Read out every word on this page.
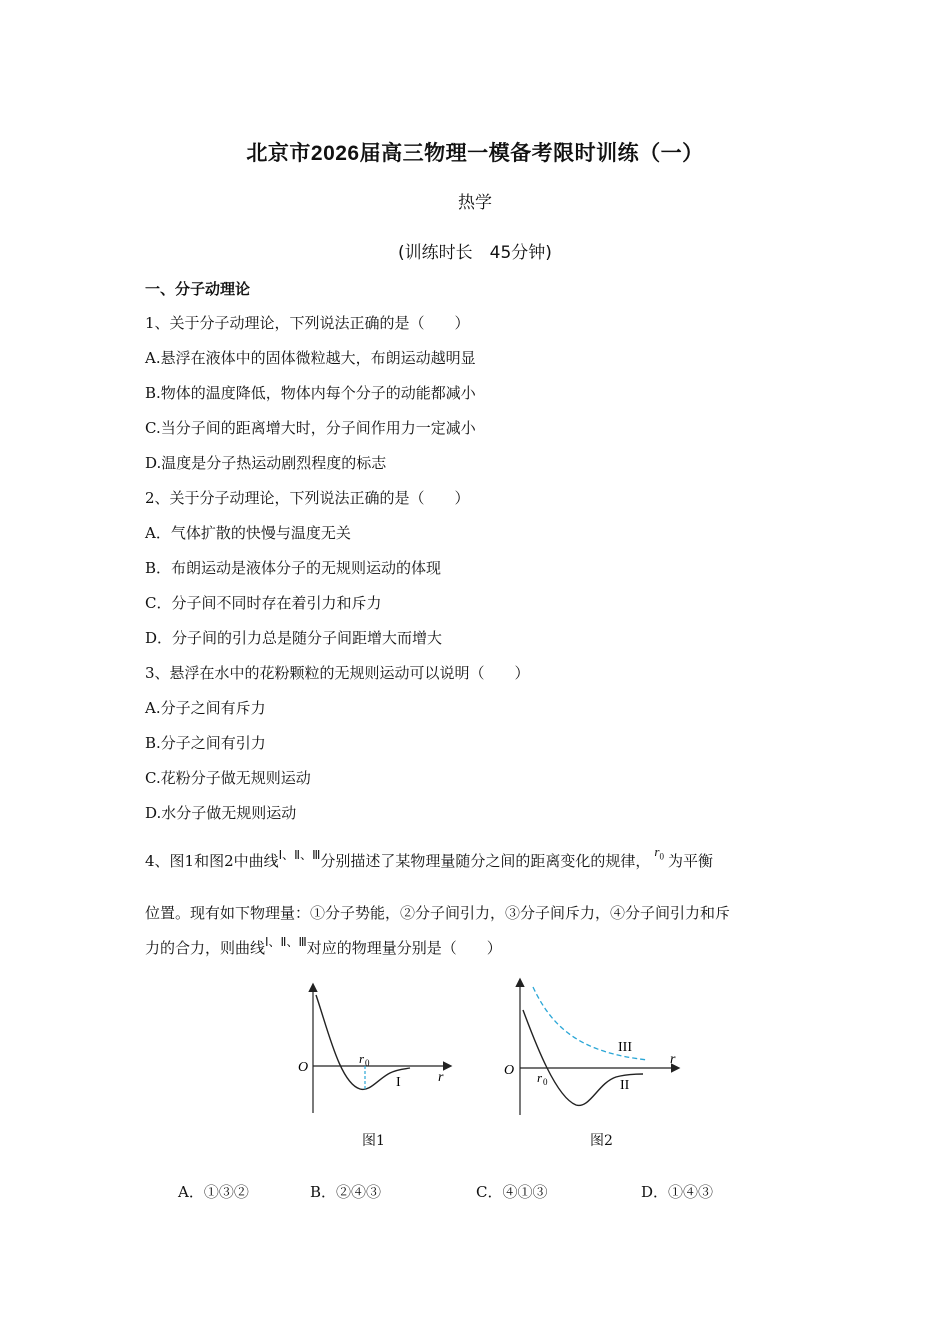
北京市2026届高三物理一模备考限时训练（一）
热学
(训练时长　45分钟)
一、分子动理论
1、关于分子动理论，下列说法正确的是（　　）
A.悬浮在液体中的固体微粒越大，布朗运动越明显
B.物体的温度降低，物体内每个分子的动能都减小
C.当分子间的距离增大时，分子间作用力一定减小
D.温度是分子热运动剧烈程度的标志
2、关于分子动理论，下列说法正确的是（　　）
A．气体扩散的快慢与温度无关
B．布朗运动是液体分子的无规则运动的体现
C．分子间不同时存在着引力和斥力
D．分子间的引力总是随分子间距增大而增大
3、悬浮在水中的花粉颗粒的无规则运动可以说明（　　）
A.分子之间有斥力
B.分子之间有引力
C.花粉分子做无规则运动
D.水分子做无规则运动
4、图1和图2中曲线$^{Ⅰ、Ⅱ、Ⅲ}$分别描述了某物理量随分之间的距离变化的规律，$r_0$ 为平衡
位置。现有如下物理量：①分子势能，②分子间引力，③分子间斥力，④分子间引力和斥
力的合力，则曲线$^{Ⅰ、Ⅱ、Ⅲ}$对应的物理量分别是（　　）
O
r
r 0
I
图1
O
r
r 0	II
III
图2
A．①③②	B．②④③	C．④①③	D．①④③
